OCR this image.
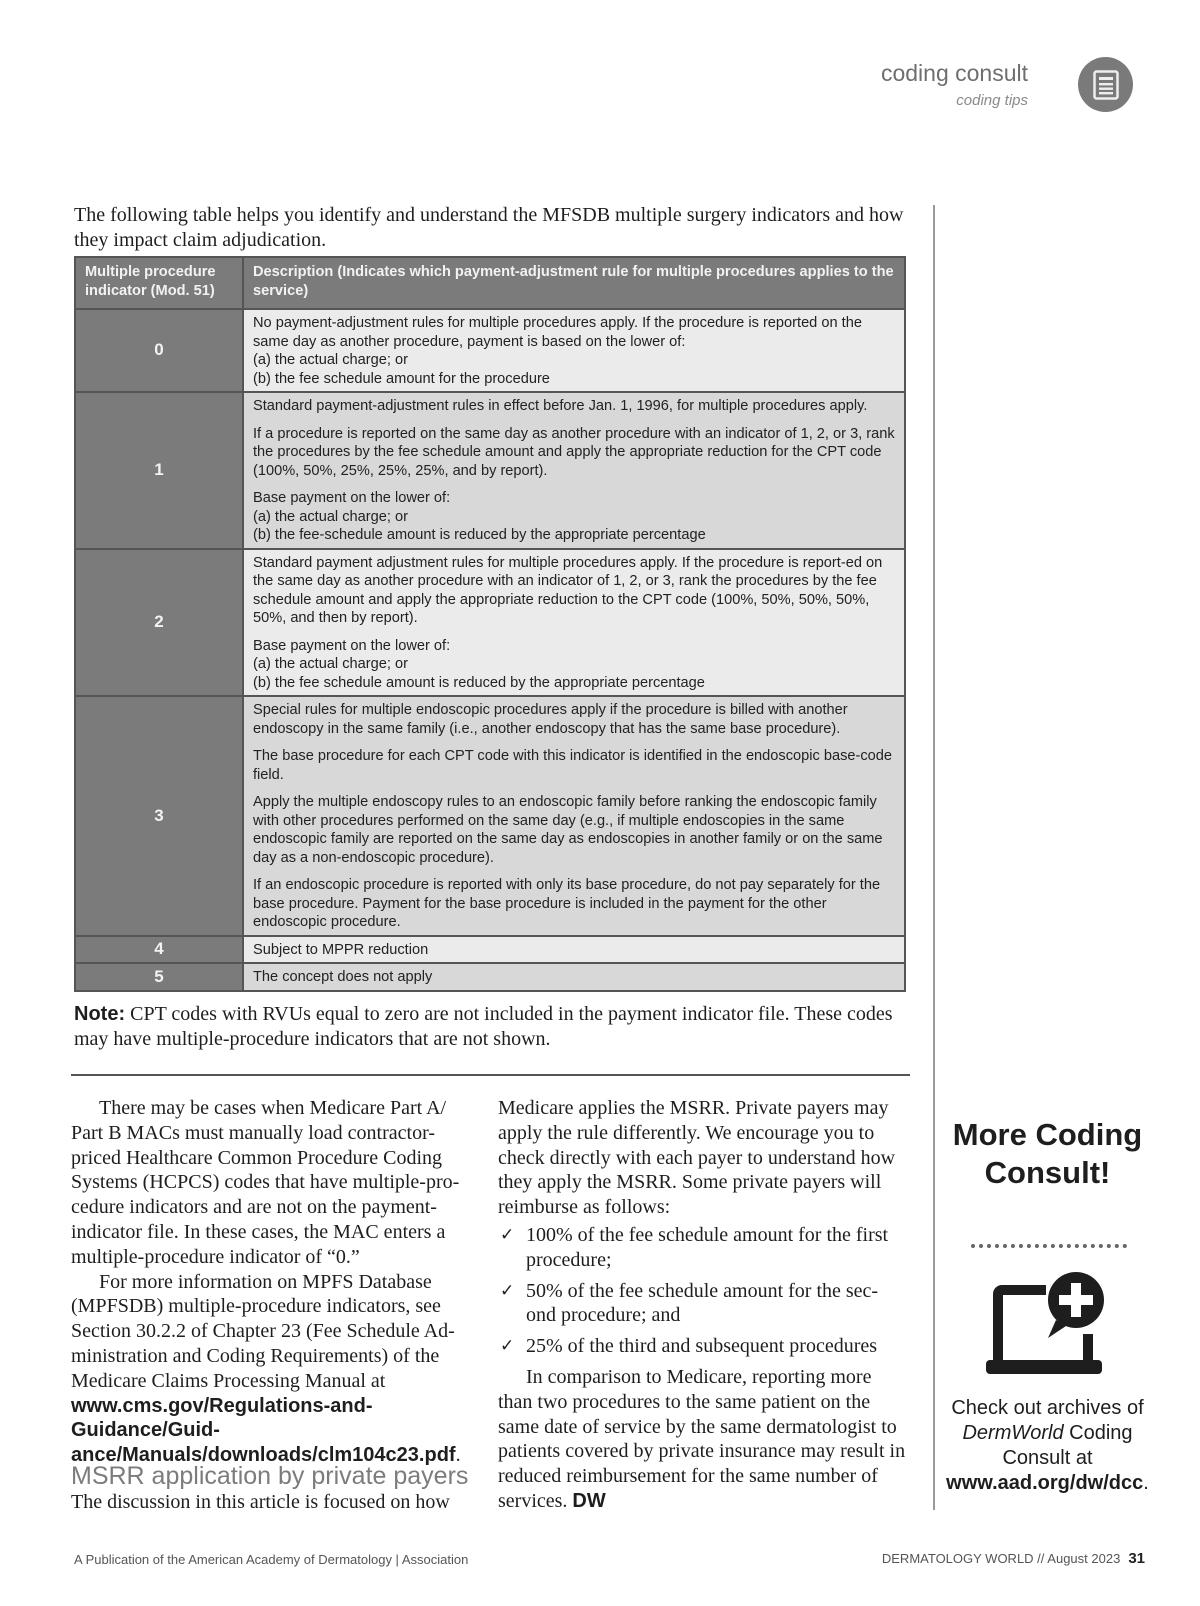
coding consult
coding tips
The following table helps you identify and understand the MFSDB multiple surgery indicators and how they impact claim adjudication.
Multiple procedure indicator (Mod. 51)	Description (Indicates which payment-adjustment rule for multiple procedures applies to the service)
0	No payment-adjustment rules for multiple procedures apply. If the procedure is reported on the same day as another procedure, payment is based on the lower of:
(a) the actual charge; or
(b) the fee schedule amount for the procedure

1	Standard payment-adjustment rules in effect before Jan. 1, 1996, for multiple procedures apply.
If a procedure is reported on the same day as another procedure with an indicator of 1, 2, or 3, rank the procedures by the fee schedule amount and apply the appropriate reduction for the CPT code (100%, 50%, 25%, 25%, 25%, and by report).
Base payment on the lower of:
(a) the actual charge; or
(b) the fee-schedule amount is reduced by the appropriate percentage

2	Standard payment adjustment rules for multiple procedures apply. If the procedure is report-ed on the same day as another procedure with an indicator of 1, 2, or 3, rank the procedures by the fee schedule amount and apply the appropriate reduction to the CPT code (100%, 50%, 50%, 50%, 50%, and then by report).
Base payment on the lower of:
(a) the actual charge; or
(b) the fee schedule amount is reduced by the appropriate percentage

3	Special rules for multiple endoscopic procedures apply if the procedure is billed with another endoscopy in the same family (i.e., another endoscopy that has the same base procedure).
The base procedure for each CPT code with this indicator is identified in the endoscopic base-code field.
Apply the multiple endoscopy rules to an endoscopic family before ranking the endoscopic family with other procedures performed on the same day (e.g., if multiple endoscopies in the same endoscopic family are reported on the same day as endoscopies in another family or on the same day as a non-endoscopic procedure).
If an endoscopic procedure is reported with only its base procedure, do not pay separately for the base procedure. Payment for the base procedure is included in the payment for the other endoscopic procedure.

4	Subject to MPPR reduction

5	The concept does not apply
Note: CPT codes with RVUs equal to zero are not included in the payment indicator file. These codes may have multiple-procedure indicators that are not shown.
There may be cases when Medicare Part A/ Part B MACs must manually load contractor-priced Healthcare Common Procedure Coding Systems (HCPCS) codes that have multiple-pro-cedure indicators and are not on the payment-indicator file. In these cases, the MAC enters a multiple-procedure indicator of “0.”
For more information on MPFS Database (MPFSDB) multiple-procedure indicators, see Section 30.2.2 of Chapter 23 (Fee Schedule Ad-ministration and Coding Requirements) of the Medicare Claims Processing Manual at www.cms.gov/Regulations-and-Guidance/Guid-ance/Manuals/downloads/clm104c23.pdf.
MSRR application by private payers
The discussion in this article is focused on how
Medicare applies the MSRR. Private payers may apply the rule differently. We encourage you to check directly with each payer to understand how they apply the MSRR. Some private payers will reimburse as follows:
✓ 100% of the fee schedule amount for the first procedure;
✓ 50% of the fee schedule amount for the sec-ond procedure; and
✓ 25% of the third and subsequent procedures
In comparison to Medicare, reporting more than two procedures to the same patient on the same date of service by the same dermatologist to patients covered by private insurance may result in reduced reimbursement for the same number of services. DW
More Coding Consult!
Check out archives of DermWorld Coding Consult at www.aad.org/dw/dcc.
A Publication of the American Academy of Dermatology | Association	DERMATOLOGY WORLD // August 2023 31
